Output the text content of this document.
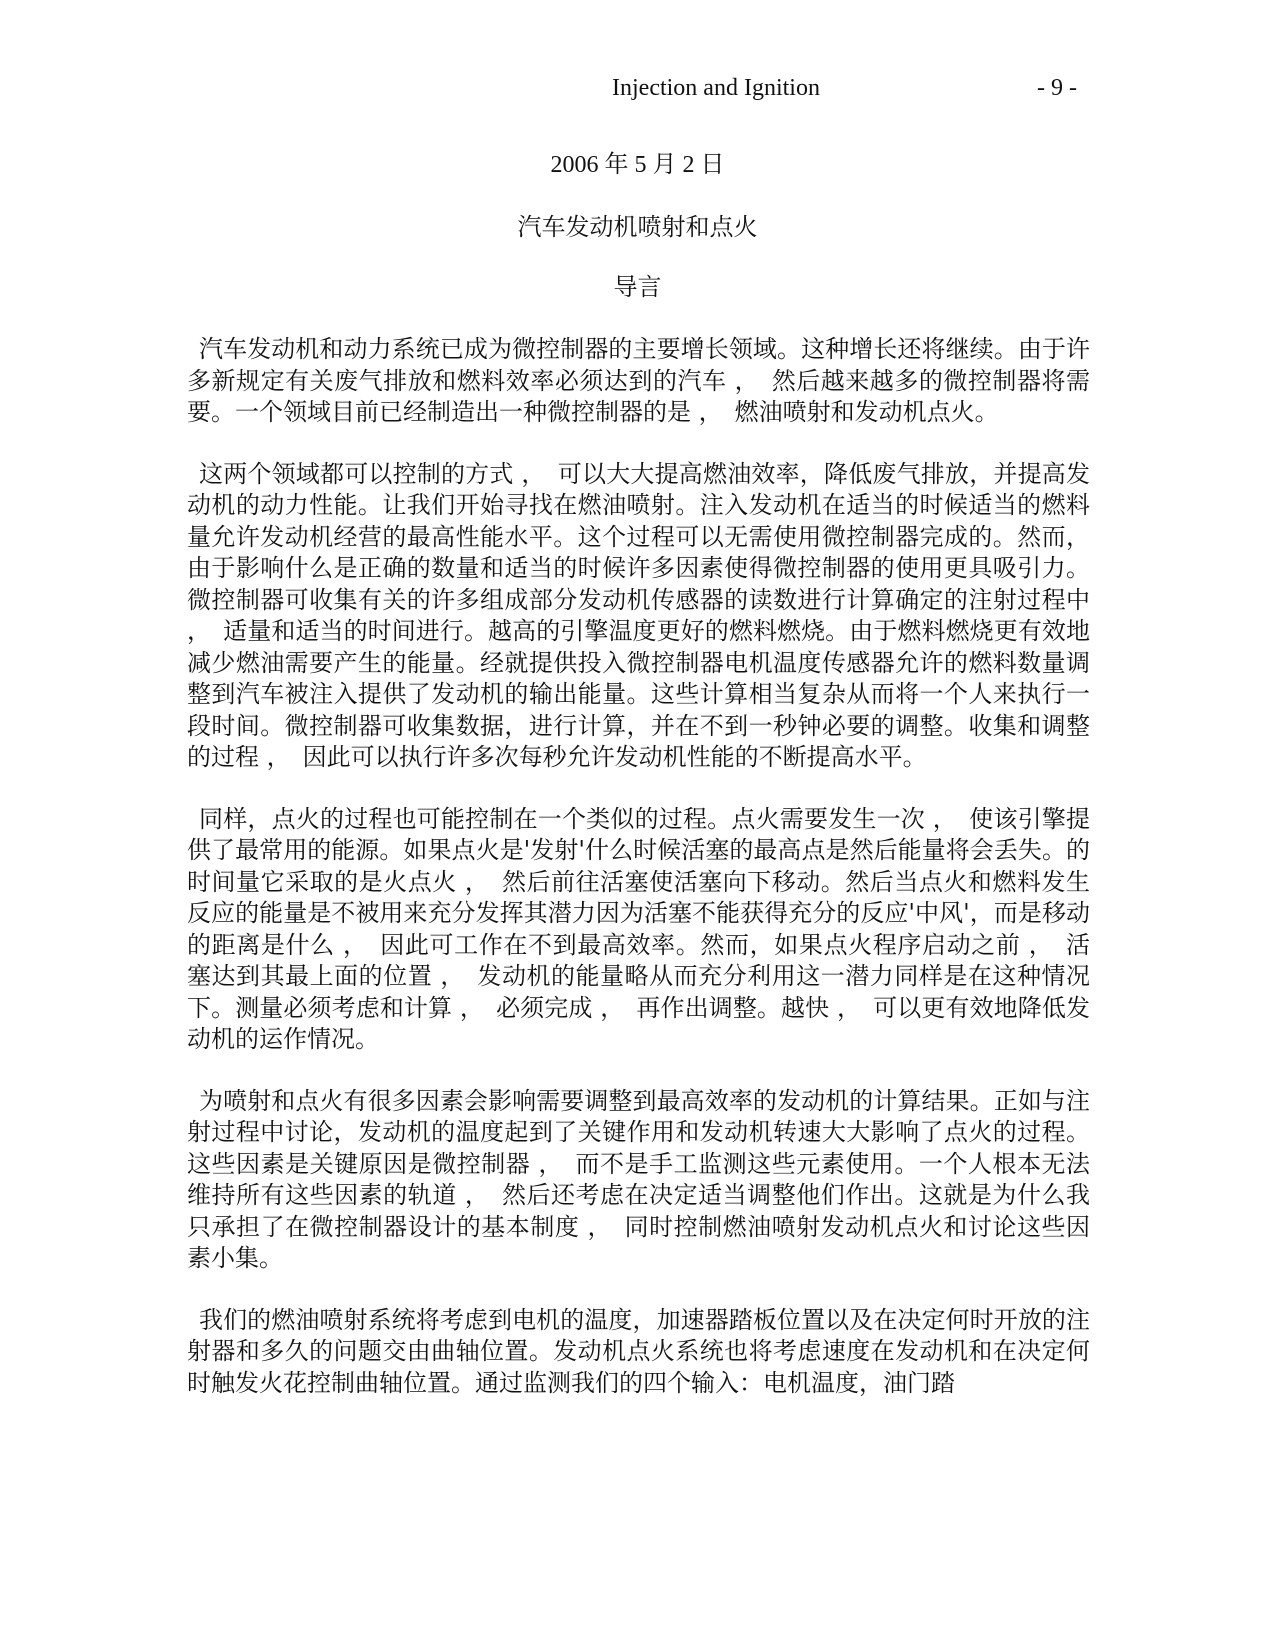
Injection and Ignition	- 9 -
2006 年 5 月 2 日
汽车发动机喷射和点火
导言

汽车发动机和动力系统已成为微控制器的主要增长领域。这种增长还将继续。由于许多新规定有关废气排放和燃料效率必须达到的汽车 ，　然后越来越多的微控制器将需要。一个领域目前已经制造出一种微控制器的是 ，　燃油喷射和发动机点火。

这两个领域都可以控制的方式 ，　可以大大提高燃油效率，降低废气排放，并提高发动机的动力性能。让我们开始寻找在燃油喷射。注入发动机在适当的时候适当的燃料量允许发动机经营的最高性能水平。这个过程可以无需使用微控制器完成的。然而，由于影响什么是正确的数量和适当的时候许多因素使得微控制器的使用更具吸引力。微控制器可收集有关的许多组成部分发动机传感器的读数进行计算确定的注射过程中 ，　适量和适当的时间进行。越高的引擎温度更好的燃料燃烧。由于燃料燃烧更有效地减少燃油需要产生的能量。经就提供投入微控制器电机温度传感器允许的燃料数量调整到汽车被注入提供了发动机的输出能量。这些计算相当复杂从而将一个人来执行一段时间。微控制器可收集数据，进行计算，并在不到一秒钟必要的调整。收集和调整的过程 ，　因此可以执行许多次每秒允许发动机性能的不断提高水平。

同样，点火的过程也可能控制在一个类似的过程。点火需要发生一次 ，　使该引擎提供了最常用的能源。如果点火是'发射'什么时候活塞的最高点是然后能量将会丢失。的时间量它采取的是火点火 ，　然后前往活塞使活塞向下移动。然后当点火和燃料发生反应的能量是不被用来充分发挥其潜力因为活塞不能获得充分的反应'中风'，而是移动的距离是什么 ，　因此可工作在不到最高效率。然而，如果点火程序启动之前 ，　活塞达到其最上面的位置 ，　发动机的能量略从而充分利用这一潜力同样是在这种情况下。测量必须考虑和计算 ，　必须完成 ，　再作出调整。越快 ，　可以更有效地降低发动机的运作情况。

为喷射和点火有很多因素会影响需要调整到最高效率的发动机的计算结果。正如与注射过程中讨论，发动机的温度起到了关键作用和发动机转速大大影响了点火的过程。这些因素是关键原因是微控制器 ，　而不是手工监测这些元素使用。一个人根本无法维持所有这些因素的轨道 ，　然后还考虑在决定适当调整他们作出。这就是为什么我只承担了在微控制器设计的基本制度 ，　同时控制燃油喷射发动机点火和讨论这些因素小集。

我们的燃油喷射系统将考虑到电机的温度，加速器踏板位置以及在决定何时开放的注射器和多久的问题交由曲轴位置。发动机点火系统也将考虑速度在发动机和在决定何时触发火花控制曲轴位置。通过监测我们的四个输入：电机温度，油门踏
